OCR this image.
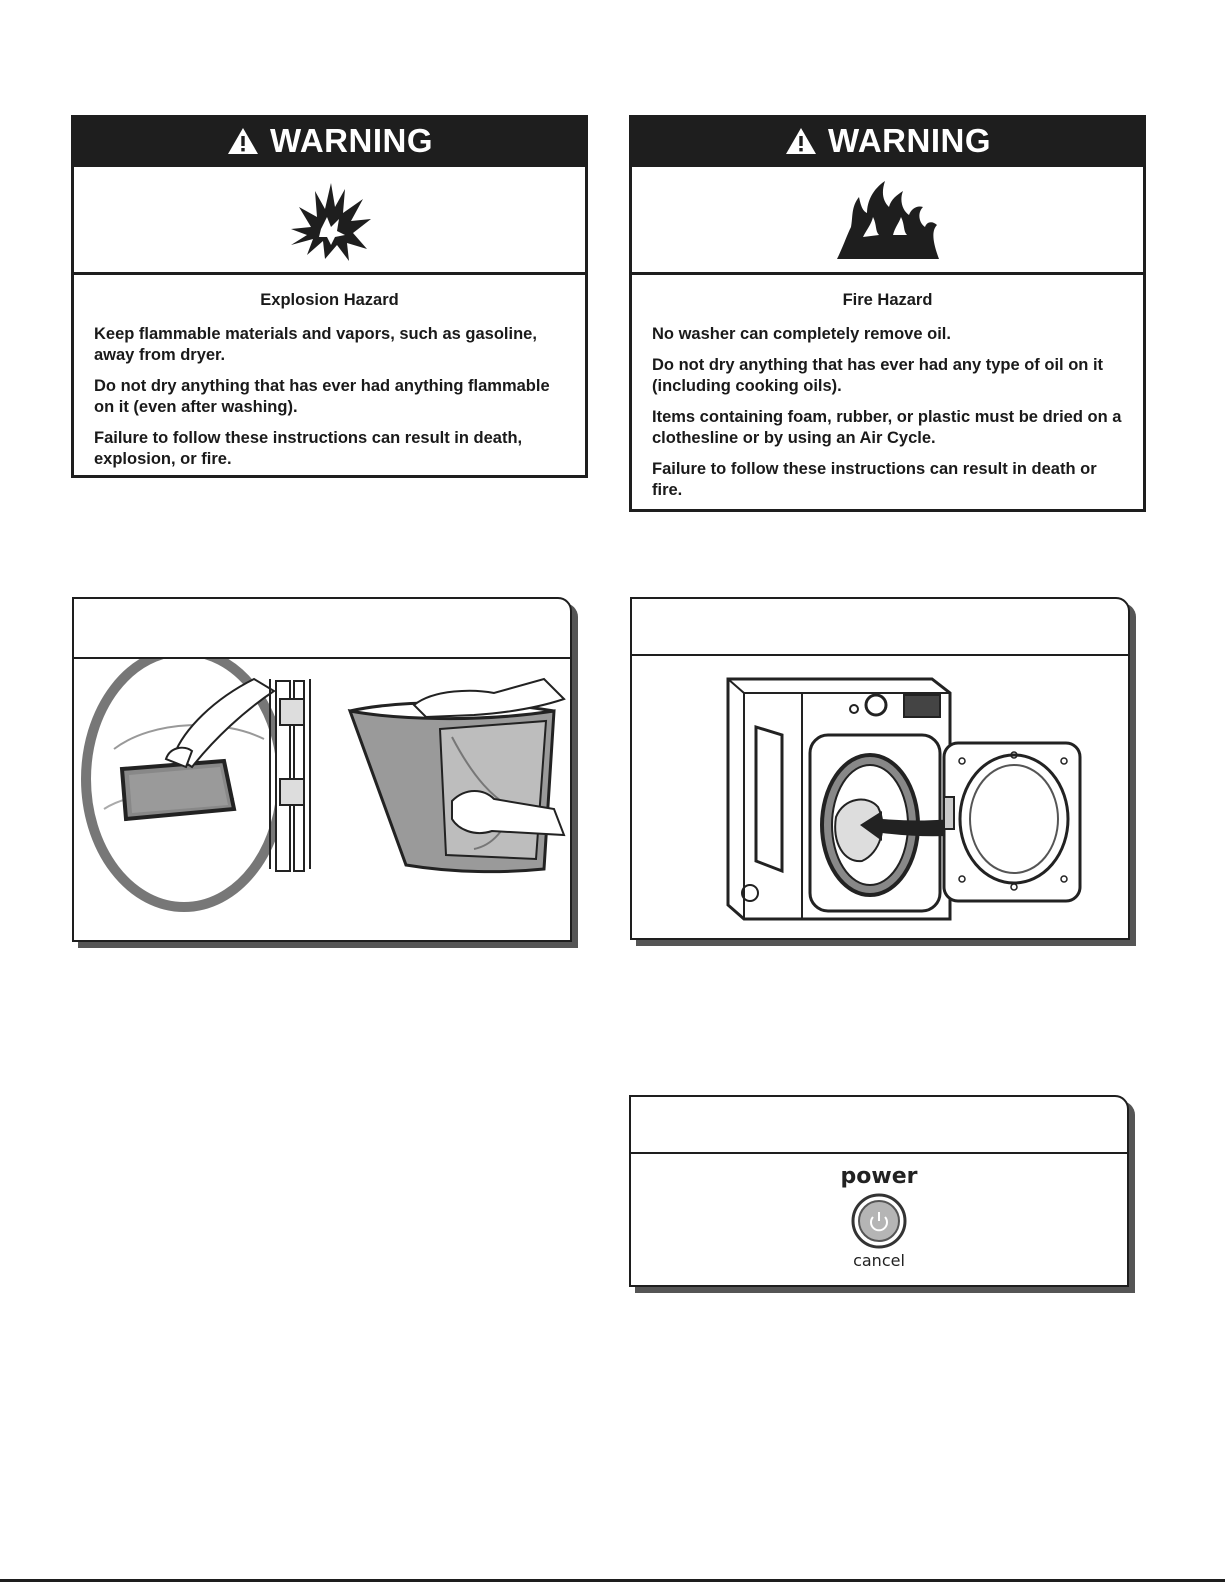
WARNING

Explosion Hazard

Keep flammable materials and vapors, such as gasoline, away from dryer.

Do not dry anything that has ever had anything flammable on it (even after washing).

Failure to follow these instructions can result in death, explosion, or fire.

WARNING

Fire Hazard

No washer can completely remove oil.

Do not dry anything that has ever had any type of oil on it (including cooking oils).

Items containing foam, rubber, or plastic must be dried on a clothesline or by using an Air Cycle.

Failure to follow these instructions can result in death or fire.

power
cancel
